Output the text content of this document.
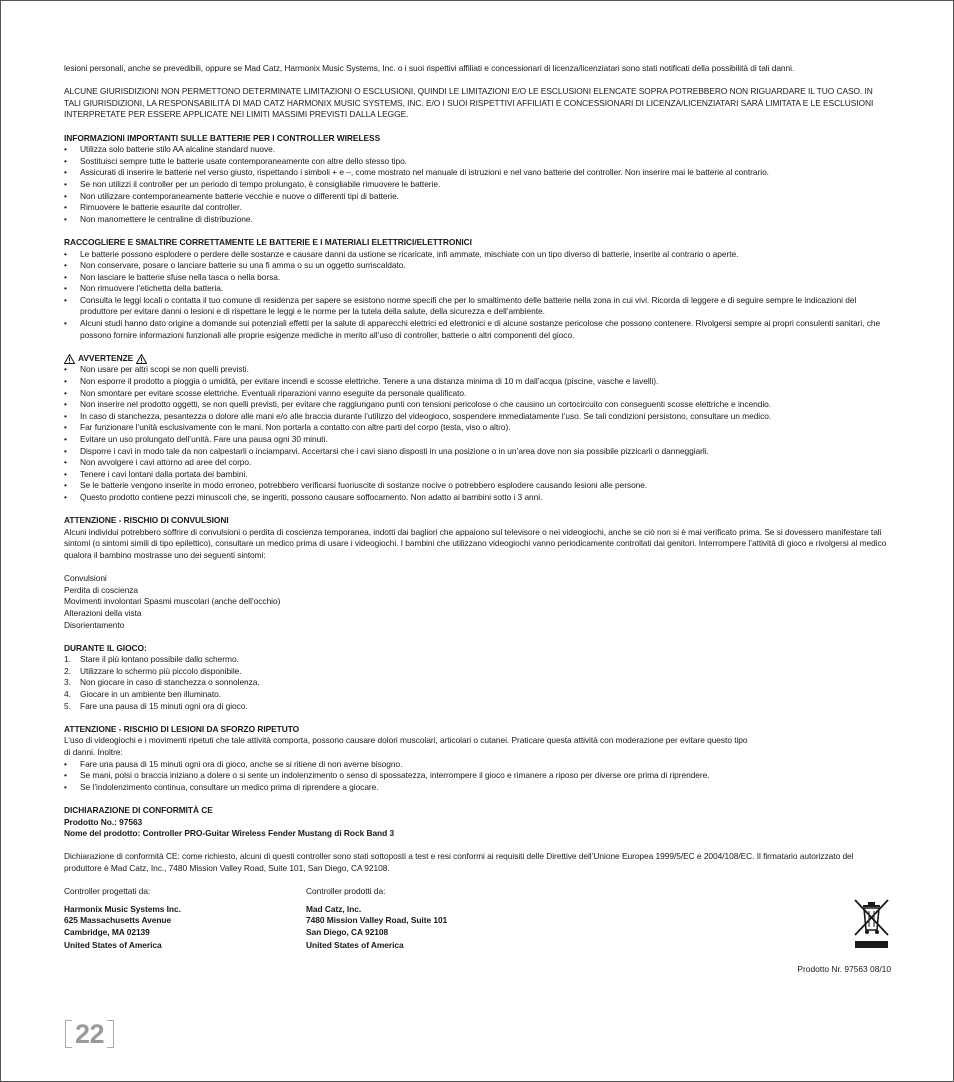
lesioni personali, anche se prevedibili, oppure se Mad Catz, Harmonix Music Systems, Inc. o i suoi rispettivi affiliati e concessionari di licenza/licenziatari sono stati notificati della possibilità di tali danni.

ALCUNE GIURISDIZIONI NON PERMETTONO DETERMINATE LIMITAZIONI O ESCLUSIONI, QUINDI LE LIMITAZIONI E/O LE ESCLUSIONI ELENCATE SOPRA POTREBBERO NON RIGUARDARE IL TUO CASO. IN TALI GIURISDIZIONI, LA RESPONSABILITÀ DI MAD CATZ HARMONIX MUSIC SYSTEMS, INC. E/O I SUOI RISPETTIVI AFFILIATI E CONCESSIONARI DI LICENZA/LICENZIATARI SARÀ LIMITATA E LE ESCLUSIONI INTERPRETATE PER ESSERE APPLICATE NEI LIMITI MASSIMI PREVISTI DALLA LEGGE.

INFORMAZIONI IMPORTANTI SULLE BATTERIE PER I CONTROLLER WIRELESS

• Utilizza solo batterie stilo AA alcaline standard nuove.
• Sostituisci sempre tutte le batterie usate contemporaneamente con altre dello stesso tipo.
• Assicurati di inserire le batterie nel verso giusto, rispettando i simboli + e –, come mostrato nel manuale di istruzioni e nel vano batterie del controller. Non inserire mai le batterie al contrario.
• Se non utilizzi il controller per un periodo di tempo prolungato, è consigliabile rimuovere le batterie.
• Non utilizzare contemporaneamente batterie vecchie e nuove o differenti tipi di batterie.
• Rimuovere le batterie esaurite dal controller.
• Non manomettere le centraline di distribuzione.

RACCOGLIERE E SMALTIRE CORRETTAMENTE LE BATTERIE E I MATERIALI ELETTRICI/ELETTRONICI

• Le batterie possono esplodere o perdere delle sostanze e causare danni da ustione se ricaricate, infi ammate, mischiate con un tipo diverso di batterie, inserite al contrario o aperte.
• Non conservare, posare o lanciare batterie su una fi amma o su un oggetto surriscaldato.
• Non lasciare le batterie sfuse nella tasca o nella borsa.
• Non rimuovere l’etichetta della batteria.
• Consulta le leggi locali o contatta il tuo comune di residenza per sapere se esistono norme specifi che per lo smaltimento delle batterie nella zona in cui vivi. Ricorda di leggere e di seguire sempre le indicazioni del produttore per evitare danni o lesioni e di rispettare le leggi e le norme per la tutela della salute, della sicurezza e dell’ambiente.
• Alcuni studi hanno dato origine a domande sui potenziali effetti per la salute di apparecchi elettrici ed elettronici e di alcune sostanze pericolose che possono contenere. Rivolgersi sempre ai propri consulenti sanitari, che possono fornire informazioni funzionali alle proprie esigenze mediche in merito all’uso di controller, batterie o altri componenti del gioco.
AVVERTENZE
• Non usare per altri scopi se non quelli previsti.
• Non esporre il prodotto a pioggia o umidità, per evitare incendi e scosse elettriche. Tenere a una distanza minima di 10 m dall’acqua (piscine, vasche e lavelli).
• Non smontare per evitare scosse elettriche. Eventuali riparazioni vanno eseguite da personale qualificato.
• Non inserire nel prodotto oggetti, se non quelli previsti, per evitare che raggiungano punti con tensioni pericolose o che causino un cortocircuito con conseguenti scosse elettriche e incendio.
• In caso di stanchezza, pesantezza o dolore alle mani e/o alle braccia durante l’utilizzo del videogioco, sospendere immediatamente l’uso. Se tali condizioni persistono, consultare un medico.
• Far funzionare l’unità esclusivamente con le mani. Non portarla a contatto con altre parti del corpo (testa, viso o altro).
• Evitare un uso prolungato dell’unità. Fare una pausa ogni 30 minuti.
• Disporre i cavi in modo tale da non calpestarli o inciamparvi. Accertarsi che i cavi siano disposti in una posizione o in un’area dove non sia possibile pizzicarli o danneggiarli.
• Non avvolgere i cavi attorno ad aree del corpo.
• Tenere i cavi lontani dalla portata dei bambini.
• Se le batterie vengono inserite in modo erroneo, potrebbero verificarsi fuoriuscite di sostanze nocive o potrebbero esplodere causando lesioni alle persone.
• Questo prodotto contiene pezzi minuscoli che, se ingeriti, possono causare soffocamento. Non adatto ai bambini sotto i 3 anni.

ATTENZIONE - RISCHIO DI CONVULSIONI

Alcuni individui potrebbero soffrire di convulsioni o perdita di coscienza temporanea, indotti dai bagliori che appaiono sul televisore o nei videogiochi, anche se ciò non si è mai verificato prima. Se si dovessero manifestare tali sintomi (o sintomi simili di tipo epilettico), consultare un medico prima di usare i videogiochi. I bambini che utilizzano videogiochi vanno periodicamente controllati dai genitori. Interrompere l’attività di gioco e rivolgersi al medico qualora il bambino mostrasse uno dei seguenti sintomi:

Convulsioni

Perdita di coscienza

Movimenti involontari Spasmi muscolari (anche dell’occhio)

Alterazioni della vista

Disorientamento

DURANTE IL GIOCO:

1. Stare il più lontano possibile dallo schermo.
2. Utilizzare lo schermo più piccolo disponibile.
3. Non giocare in caso di stanchezza o sonnolenza.
4. Giocare in un ambiente ben illuminato.
5. Fare una pausa di 15 minuti ogni ora di gioco.

ATTENZIONE - RISCHIO DI LESIONI DA SFORZO RIPETUTO

L’uso di videogiochi e i movimenti ripetuti che tale attività comporta, possono causare dolori muscolari, articolari o cutanei. Praticare questa attività con moderazione per evitare questo tipo

di danni. Inoltre:

• Fare una pausa di 15 minuti ogni ora di gioco, anche se si ritiene di non averne bisogno.
• Se mani, polsi o braccia iniziano a dolere o si sente un indolenzimento o senso di spossatezza, interrompere il gioco e rimanere a riposo per diverse ore prima di riprendere.
• Se l’indolenzimento continua, consultare un medico prima di riprendere a giocare.

DICHIARAZIONE DI CONFORMITÀ CE

Prodotto No.: 97563

Nome del prodotto: Controller PRO-Guitar Wireless Fender Mustang di Rock Band 3

Dichiarazione di conformità CE: come richiesto, alcuni di questi controller sono stati sottoposti a test e resi conformi ai requisiti delle Direttive dell’Unione Europea 1999/5/EC e 2004/108/EC. Il firmatario autorizzato del produttore è Mad Catz, Inc., 7480 Mission Valley Road, Suite 101, San Diego, CA 92108.

Controller progettati da:

Harmonix Music Systems Inc.

625 Massachusetts Avenue

Cambridge, MA 02139

United States of America

Controller prodotti da:

Mad Catz, Inc.

7480 Mission Valley Road, Suite 101

San Diego, CA 92108

United States of America

Prodotto Nr. 97563 08/10
22
